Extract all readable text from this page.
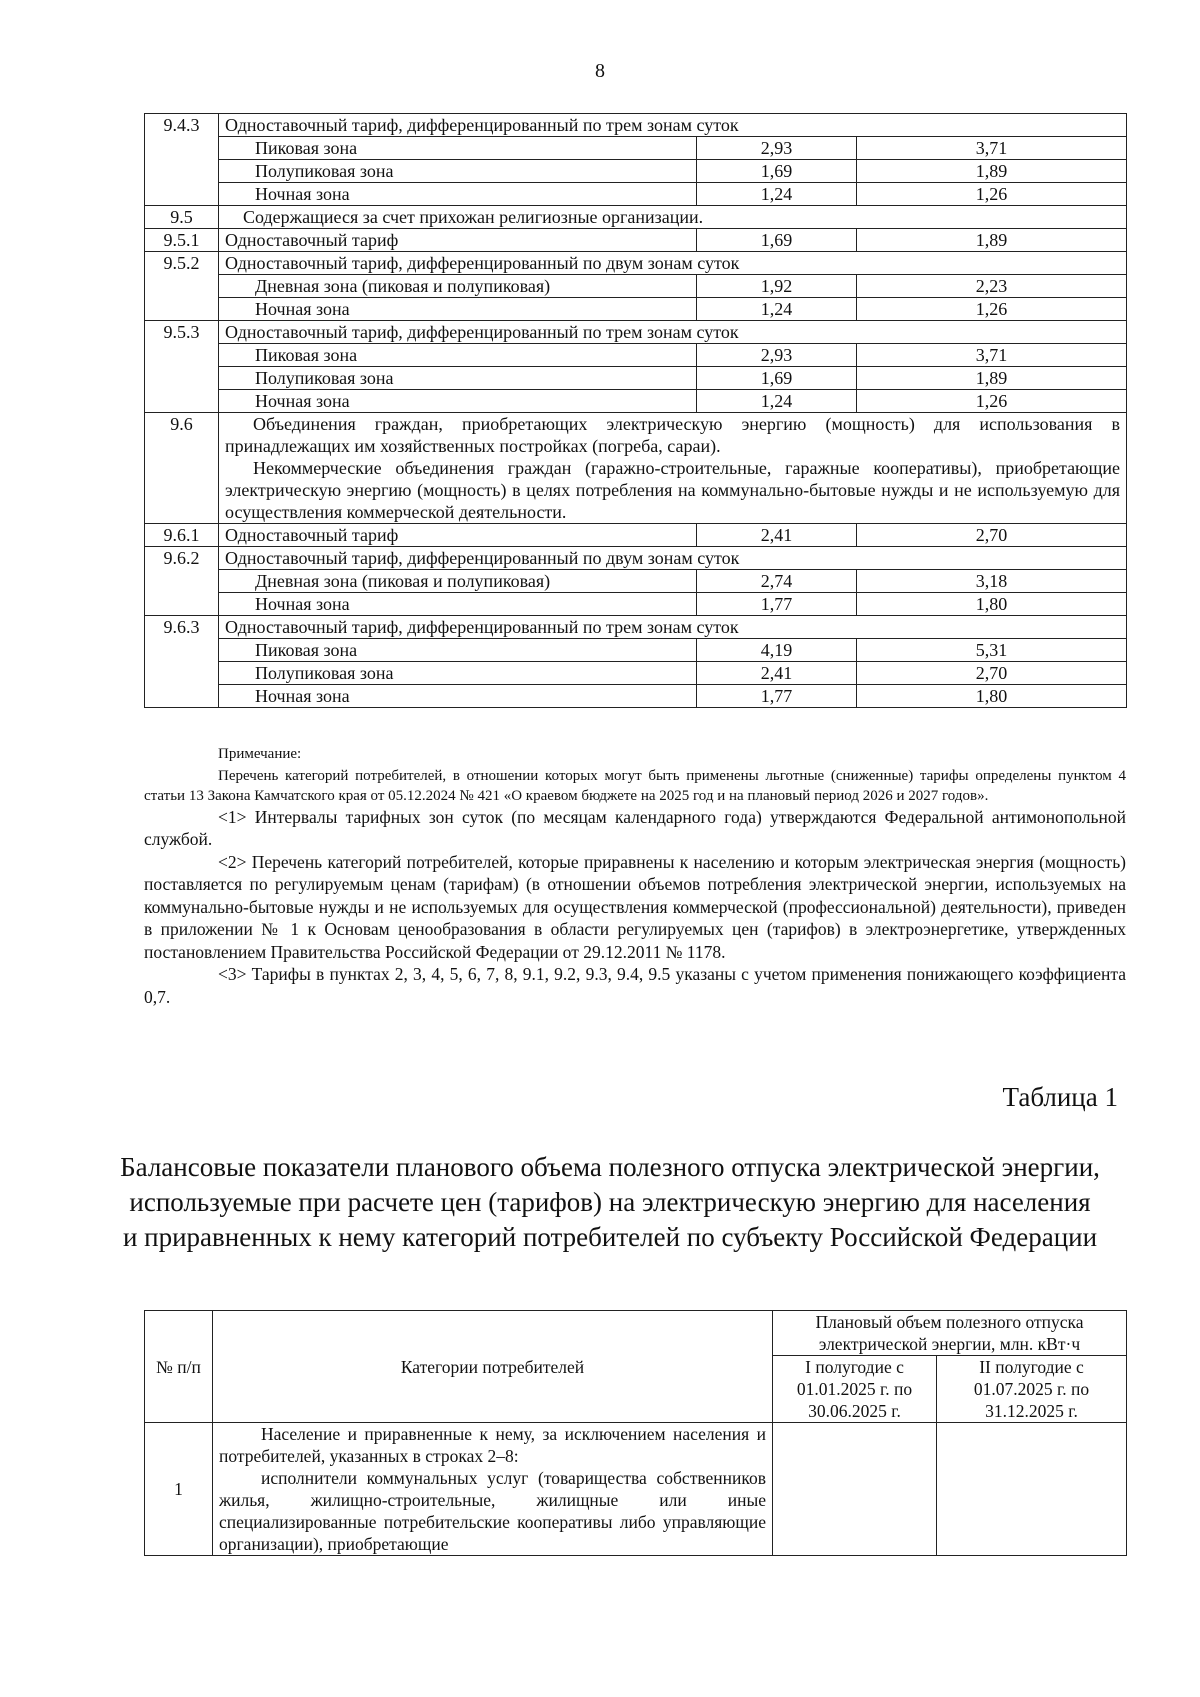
8
9.4.3	Одноставочный тариф, дифференцированный по трем зонам суток		
	Пиковая зона	2,93	3,71
	Полупиковая зона	1,69	1,89
	Ночная зона	1,24	1,26
9.5	Содержащиеся за счет прихожан религиозные организации.		
9.5.1	Одноставочный тариф	1,69	1,89
9.5.2	Одноставочный тариф, дифференцированный по двум зонам суток		
	Дневная зона (пиковая и полупиковая)	1,92	2,23
	Ночная зона	1,24	1,26
9.5.3	Одноставочный тариф, дифференцированный по трем зонам суток		
	Пиковая зона	2,93	3,71
	Полупиковая зона	1,69	1,89
	Ночная зона	1,24	1,26
9.6	Объединения граждан, приобретающих электрическую энергию (мощность) для использования в принадлежащих им хозяйственных постройках (погреба, сараи).

Некоммерческие объединения граждан (гаражно-строительные, гаражные кооперативы), приобретающие электрическую энергию (мощность) в целях потребления на коммунально-бытовые нужды и не используемую для осуществления коммерческой деятельности.		

9.6.1	Одноставочный тариф	2,41	2,70
9.6.2	Одноставочный тариф, дифференцированный по двум зонам суток		
	Дневная зона (пиковая и полупиковая)	2,74	3,18
	Ночная зона	1,77	1,80
9.6.3	Одноставочный тариф, дифференцированный по трем зонам суток		
	Пиковая зона	4,19	5,31
	Полупиковая зона	2,41	2,70
	Ночная зона	1,77	1,80
Примечание:

Перечень категорий потребителей, в отношении которых могут быть применены льготные (сниженные) тарифы определены пунктом 4 статьи 13 Закона Камчатского края от 05.12.2024 № 421 «О краевом бюджете на 2025 год и на плановый период 2026 и 2027 годов».

<1> Интервалы тарифных зон суток (по месяцам календарного года) утверждаются Федеральной антимонопольной службой.

<2> Перечень категорий потребителей, которые приравнены к населению и которым электрическая энергия (мощность) поставляется по регулируемым ценам (тарифам) (в отношении объемов потребления электрической энергии, используемых на коммунально-бытовые нужды и не используемых для осуществления коммерческой (профессиональной) деятельности), приведен в приложении № 1 к Основам ценообразования в области регулируемых цен (тарифов) в электроэнергетике, утвержденных постановлением Правительства Российской Федерации от 29.12.2011 № 1178.

<3> Тарифы в пунктах 2, 3, 4, 5, 6, 7, 8, 9.1, 9.2, 9.3, 9.4, 9.5 указаны с учетом применения понижающего коэффициента 0,7.

Таблица 1
Балансовые показатели планового объема полезного отпуска электрической энергии, используемые при расчете цен (тарифов) на электрическую энергию для населения и приравненных к нему категорий потребителей по субъекту Российской Федерации
№ п/п	Категории потребителей	Плановый объем полезного отпуска электрической энергии, млн. кВт·ч	
		I полугодие с 01.01.2025 г. по 30.06.2025 г.	II полугодие с 01.07.2025 г. по 31.12.2025 г.
1	Население и приравненные к нему, за исключением населения и потребителей, указанных в строках 2–8:

исполнители коммунальных услуг (товарищества собственников жилья, жилищно-строительные, жилищные или иные специализированные потребительские кооперативы либо управляющие организации), приобретающие		
